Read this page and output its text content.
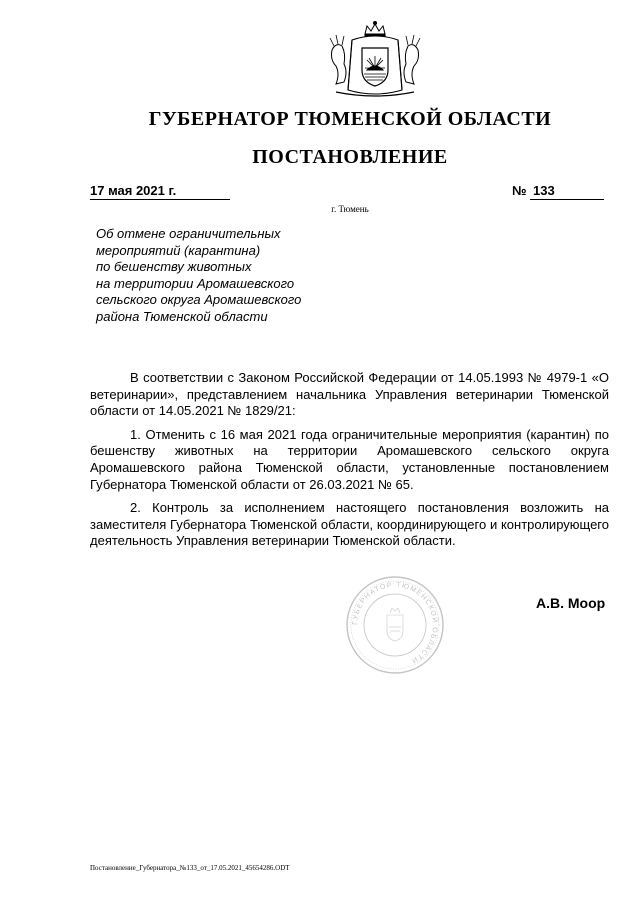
ГУБЕРНАТОР ТЮМЕНСКОЙ ОБЛАСТИ
ПОСТАНОВЛЕНИЕ
17 мая 2021 г.	№ 133
г. Тюмень
Об отмене ограничительных
мероприятий (карантина)
по бешенству животных
на территории Аромашевского
сельского округа Аромашевского
района Тюменской области

В соответствии с Законом Российской Федерации от 14.05.1993 № 4979-1 «О ветеринарии», представлением начальника Управления ветеринарии Тюменской области от 14.05.2021 № 1829/21:

1. Отменить с 16 мая 2021 года ограничительные мероприятия (карантин) по бешенству животных на территории Аромашевского сельского округа Аромашевского района Тюменской области, установленные постановлением Губернатора Тюменской области от 26.03.2021 № 65.

2. Контроль за исполнением настоящего постановления возложить на заместителя Губернатора Тюменской области, координирующего и контролирующего деятельность Управления ветеринарии Тюменской области.

ГУБЕРНАТОР ТЮМЕНСКОЙ ОБЛАСТИ
А.В. Моор
Постановление_Губернатора_№133_от_17.05.2021_45654286.ODT
